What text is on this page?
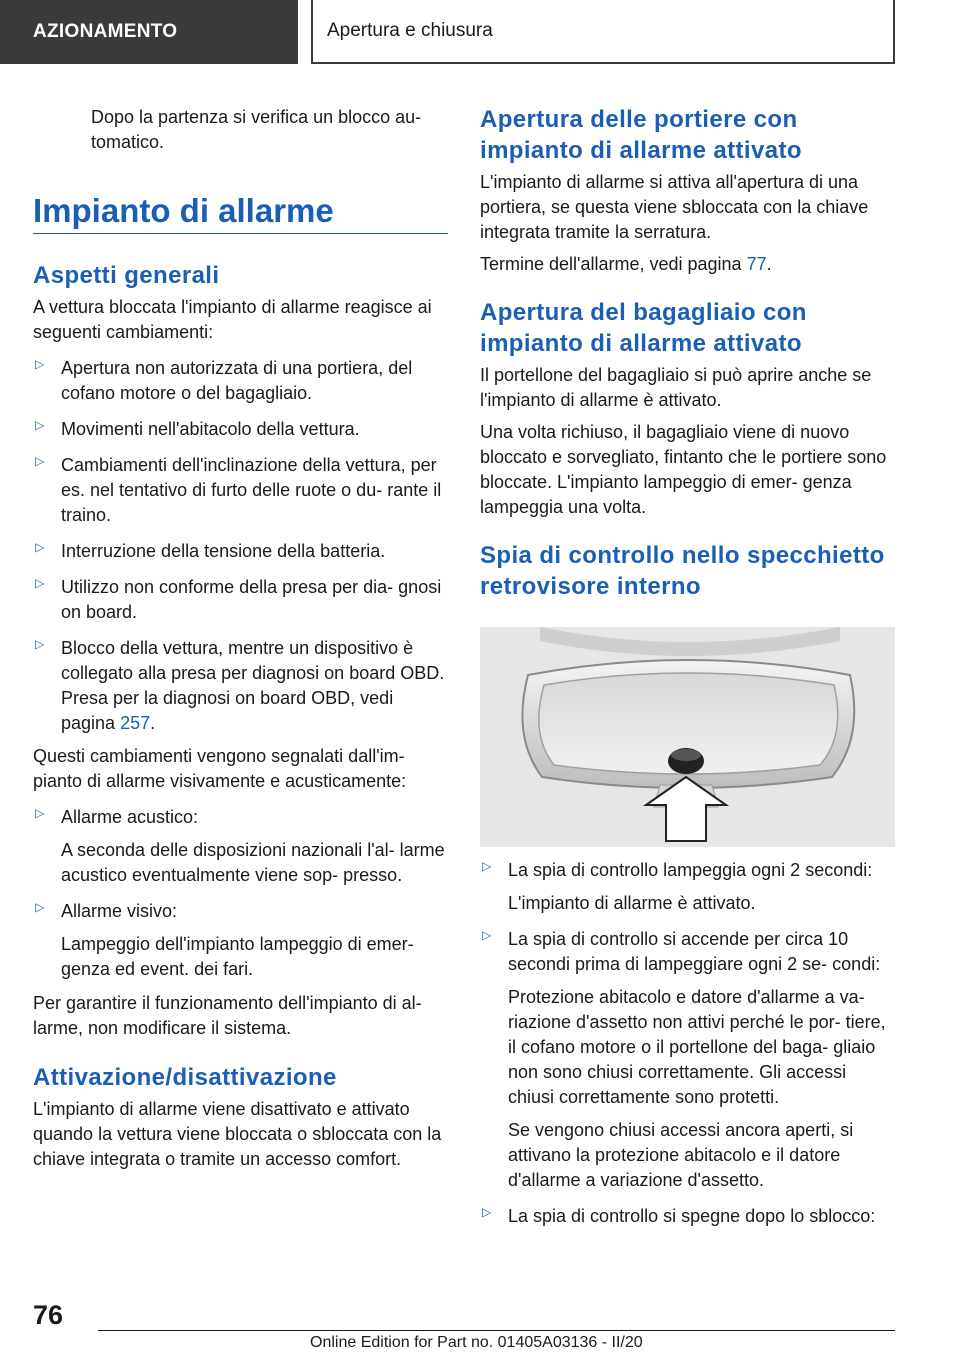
AZIONAMENTO	Apertura e chiusura

Dopo la partenza si verifica un blocco au-
tomatico.

Impianto di allarme
Aspetti generali

A vettura bloccata l'impianto di allarme reagisce ai seguenti cambiamenti:

▷ Apertura non autorizzata di una portiera, del cofano motore o del bagagliaio.

▷ Movimenti nell'abitacolo della vettura.

▷ Cambiamenti dell'inclinazione della vettura, per es. nel tentativo di furto delle ruote o du- rante il traino.

▷ Interruzione della tensione della batteria.

▷ Utilizzo non conforme della presa per dia- gnosi on board.

▷ Blocco della vettura, mentre un dispositivo è collegato alla presa per diagnosi on board OBD. Presa per la diagnosi on board OBD, vedi pagina 257.

Questi cambiamenti vengono segnalati dall'im- pianto di allarme visivamente e acusticamente:

▷ Allarme acustico:

A seconda delle disposizioni nazionali l'al- larme acustico eventualmente viene sop- presso.

▷ Allarme visivo:

Lampeggio dell'impianto lampeggio di emer- genza ed event. dei fari.

Per garantire il funzionamento dell'impianto di al- larme, non modificare il sistema.

Attivazione/disattivazione

L'impianto di allarme viene disattivato e attivato quando la vettura viene bloccata o sbloccata con la chiave integrata o tramite un accesso comfort.

Apertura delle portiere con impianto di allarme attivato

L'impianto di allarme si attiva all'apertura di una portiera, se questa viene sbloccata con la chiave integrata tramite la serratura.

Termine dell'allarme, vedi pagina 77.

Apertura del bagagliaio con impianto di allarme attivato

Il portellone del bagagliaio si può aprire anche se l'impianto di allarme è attivato.

Una volta richiuso, il bagagliaio viene di nuovo bloccato e sorvegliato, fintanto che le portiere sono bloccate. L'impianto lampeggio di emer- genza lampeggia una volta.

Spia di controllo nello specchietto retrovisore interno
▷ La spia di controllo lampeggia ogni 2 secondi:

L'impianto di allarme è attivato.

▷ La spia di controllo si accende per circa 10 secondi prima di lampeggiare ogni 2 se- condi:

Protezione abitacolo e datore d'allarme a va- riazione d'assetto non attivi perché le por- tiere, il cofano motore o il portellone del baga- gliaio non sono chiusi correttamente. Gli accessi chiusi correttamente sono protetti.

Se vengono chiusi accessi ancora aperti, si attivano la protezione abitacolo e il datore d'allarme a variazione d'assetto.

▷ La spia di controllo si spegne dopo lo sblocco:

76
Online Edition for Part no. 01405A03136 - II/20
